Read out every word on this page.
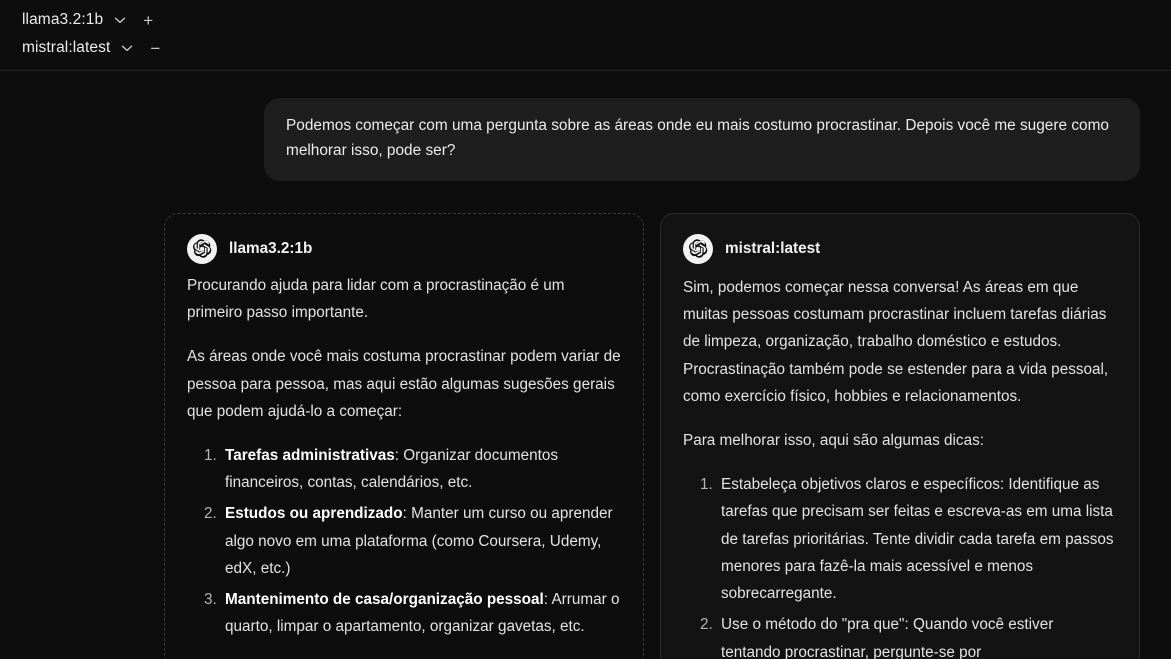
llama3.2:1b +
mistral:latest −
Podemos começar com uma pergunta sobre as áreas onde eu mais costumo procrastinar. Depois você me sugere como melhorar isso, pode ser?
llama3.2:1b

Procurando ajuda para lidar com a procrastinação é um primeiro passo importante.

As áreas onde você mais costuma procrastinar podem variar de pessoa para pessoa, mas aqui estão algumas sugesões gerais que podem ajudá-lo a começar:

1. Tarefas administrativas: Organizar documentos financeiros, contas, calendários, etc.
2. Estudos ou aprendizado: Manter um curso ou aprender algo novo em uma plataforma (como Coursera, Udemy, edX, etc.)
3. Mantenimento de casa/organização pessoal: Arrumar o quarto, limpar o apartamento, organizar gavetas, etc.
mistral:latest

Sim, podemos começar nessa conversa! As áreas em que muitas pessoas costumam procrastinar incluem tarefas diárias de limpeza, organização, trabalho doméstico e estudos. Procrastinação também pode se estender para a vida pessoal, como exercício físico, hobbies e relacionamentos.

Para melhorar isso, aqui são algumas dicas:

1. Estabeleça objetivos claros e específicos: Identifique as tarefas que precisam ser feitas e escreva-as em uma lista de tarefas prioritárias. Tente dividir cada tarefa em passos menores para fazê-la mais acessível e menos sobrecarregante.
2. Use o método do "pra que": Quando você estiver tentando procrastinar, pergunte-se por
